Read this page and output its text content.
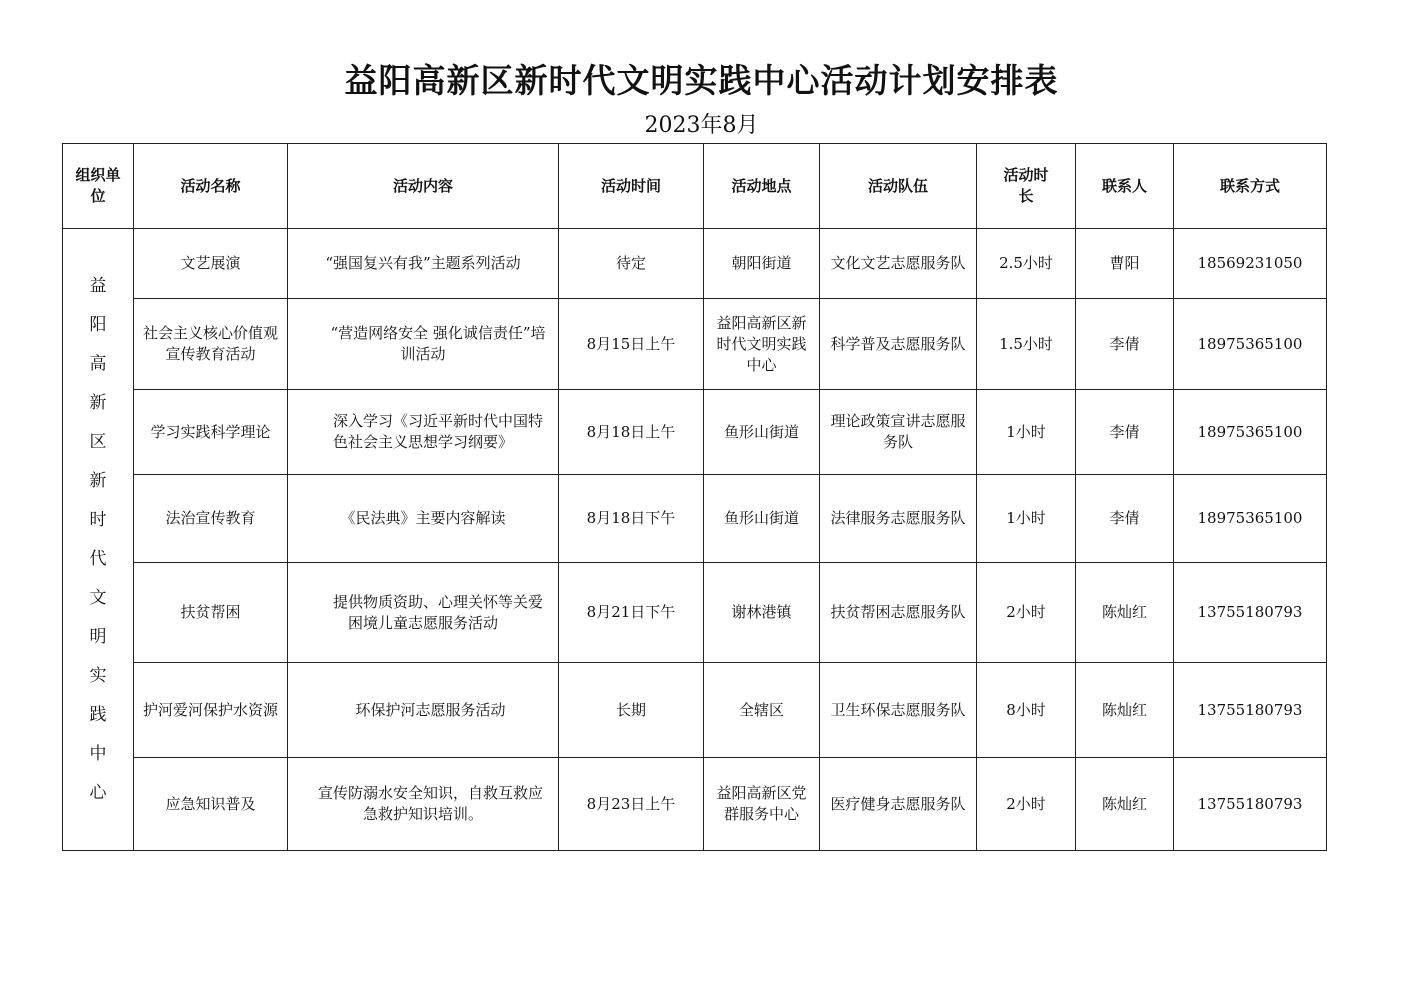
益阳高新区新时代文明实践中心活动计划安排表
2023年8月
组织单位	活动名称	活动内容	活动时间	活动地点	活动队伍	活动时长	联系人	联系方式
益阳高新区新时代文明实践中心	文艺展演	“强国复兴有我”主题系列活动	待定	朝阳街道	文化文艺志愿服务队	2.5小时	曹阳	18569231050
	社会主义核心价值观宣传教育活动	　　“营造网络安全 强化诚信责任”培训活动	8月15日上午	益阳高新区新时代文明实践中心	科学普及志愿服务队	1.5小时	李倩	18975365100
	学习实践科学理论	　　深入学习《习近平新时代中国特色社会主义思想学习纲要》	8月18日上午	鱼形山街道	理论政策宣讲志愿服务队	1小时	李倩	18975365100
	法治宣传教育	《民法典》主要内容解读	8月18日下午	鱼形山街道	法律服务志愿服务队	1小时	李倩	18975365100
	扶贫帮困	　　提供物质资助、心理关怀等关爱困境儿童志愿服务活动	8月21日下午	谢林港镇	扶贫帮困志愿服务队	2小时	陈灿红	13755180793
	护河爱河保护水资源	　环保护河志愿服务活动	长期	全辖区	卫生环保志愿服务队	8小时	陈灿红	13755180793
	应急知识普及	　宣传防溺水安全知识，自救互救应急救护知识培训。	8月23日上午	益阳高新区党群服务中心	医疗健身志愿服务队	2小时	陈灿红	13755180793
